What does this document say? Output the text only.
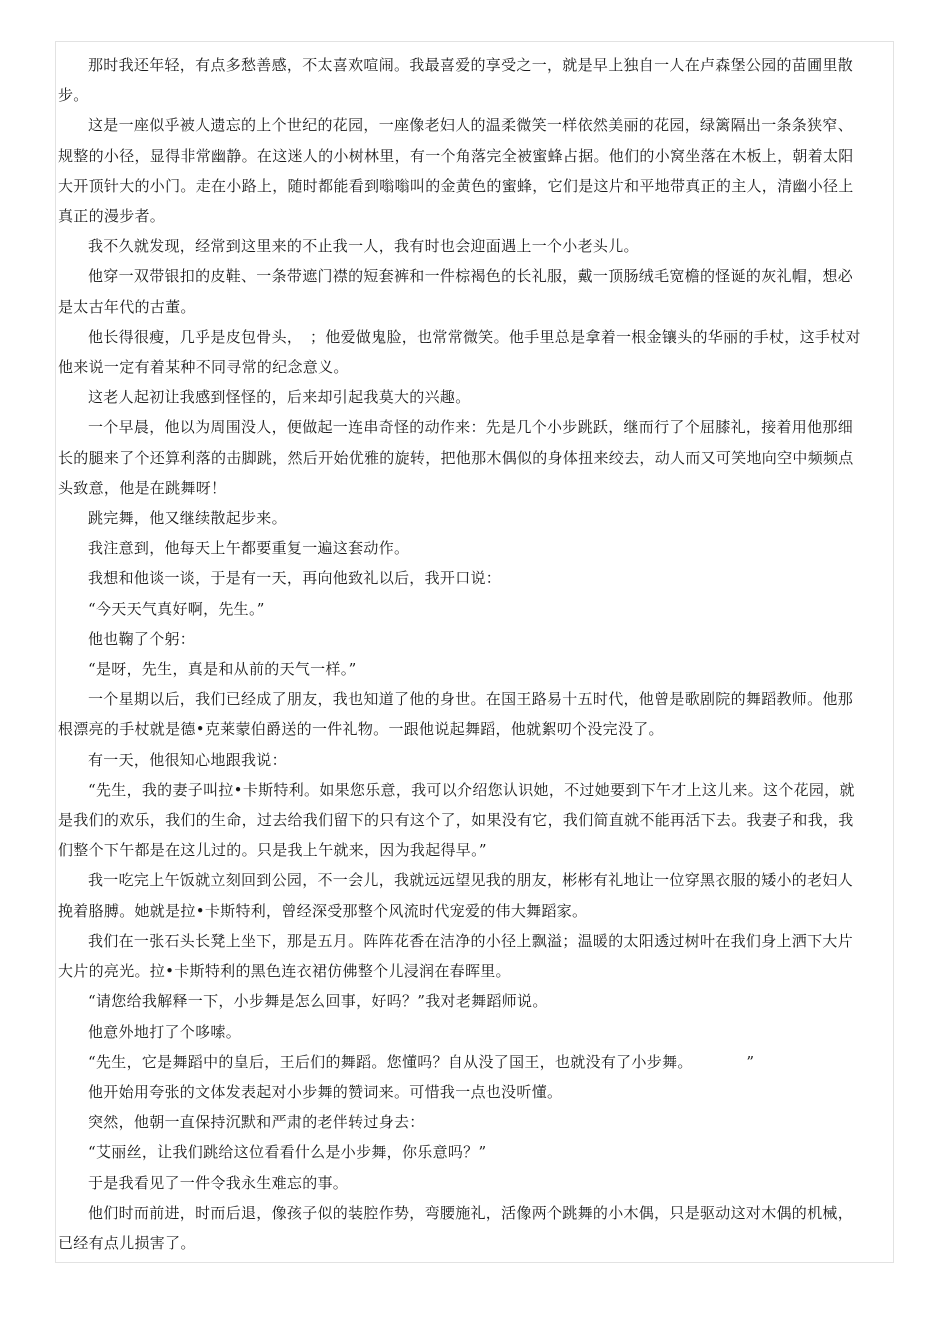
那时我还年轻，有点多愁善感，不太喜欢喧闹。我最喜爱的享受之一，就是早上独自一人在卢森堡公园的苗圃里散步。

这是一座似乎被人遗忘的上个世纪的花园，一座像老妇人的温柔微笑一样依然美丽的花园，绿篱隔出一条条狭窄、规整的小径，显得非常幽静。在这迷人的小树林里，有一个角落完全被蜜蜂占据。他们的小窝坐落在木板上，朝着太阳大开顶针大的小门。走在小路上，随时都能看到嗡嗡叫的金黄色的蜜蜂，它们是这片和平地带真正的主人，清幽小径上真正的漫步者。

我不久就发现，经常到这里来的不止我一人，我有时也会迎面遇上一个小老头儿。

他穿一双带银扣的皮鞋、一条带遮门襟的短套裤和一件棕褐色的长礼服，戴一顶肠绒毛宽檐的怪诞的灰礼帽，想必是太古年代的古董。

他长得很瘦，几乎是皮包骨头，　；他爱做鬼脸，也常常微笑。他手里总是拿着一根金镶头的华丽的手杖，这手杖对他来说一定有着某种不同寻常的纪念意义。

这老人起初让我感到怪怪的，后来却引起我莫大的兴趣。

一个早晨，他以为周围没人，便做起一连串奇怪的动作来：先是几个小步跳跃，继而行了个屈膝礼，接着用他那细长的腿来了个还算利落的击脚跳，然后开始优雅的旋转，把他那木偶似的身体扭来绞去，动人而又可笑地向空中频频点头致意，他是在跳舞呀！

跳完舞，他又继续散起步来。

我注意到，他每天上午都要重复一遍这套动作。

我想和他谈一谈，于是有一天，再向他致礼以后，我开口说：

“今天天气真好啊，先生。”

他也鞠了个躬：

“是呀，先生，真是和从前的天气一样。”

一个星期以后，我们已经成了朋友，我也知道了他的身世。在国王路易十五时代，他曾是歌剧院的舞蹈教师。他那根漂亮的手杖就是德•克莱蒙伯爵送的一件礼物。一跟他说起舞蹈，他就絮叨个没完没了。

有一天，他很知心地跟我说：

“先生，我的妻子叫拉•卡斯特利。如果您乐意，我可以介绍您认识她，不过她要到下午才上这儿来。这个花园，就是我们的欢乐，我们的生命，过去给我们留下的只有这个了，如果没有它，我们简直就不能再活下去。我妻子和我，我们整个下午都是在这儿过的。只是我上午就来，因为我起得早。”

我一吃完上午饭就立刻回到公园，不一会儿，我就远远望见我的朋友，彬彬有礼地让一位穿黑衣服的矮小的老妇人挽着胳膊。她就是拉•卡斯特利，曾经深受那整个风流时代宠爱的伟大舞蹈家。

我们在一张石头长凳上坐下，那是五月。阵阵花香在洁净的小径上飘溢；温暖的太阳透过树叶在我们身上洒下大片大片的亮光。拉•卡斯特利的黑色连衣裙仿佛整个儿浸润在春晖里。

“请您给我解释一下，小步舞是怎么回事，好吗？”我对老舞蹈师说。

他意外地打了个哆嗦。

“先生，它是舞蹈中的皇后，王后们的舞蹈。您懂吗？自从没了国王，也就没有了小步舞。　　　　”

他开始用夸张的文体发表起对小步舞的赞词来。可惜我一点也没听懂。

突然，他朝一直保持沉默和严肃的老伴转过身去：

“艾丽丝，让我们跳给这位看看什么是小步舞，你乐意吗？”

于是我看见了一件令我永生难忘的事。

他们时而前进，时而后退，像孩子似的装腔作势，弯腰施礼，活像两个跳舞的小木偶，只是驱动这对木偶的机械，已经有点儿损害了。
